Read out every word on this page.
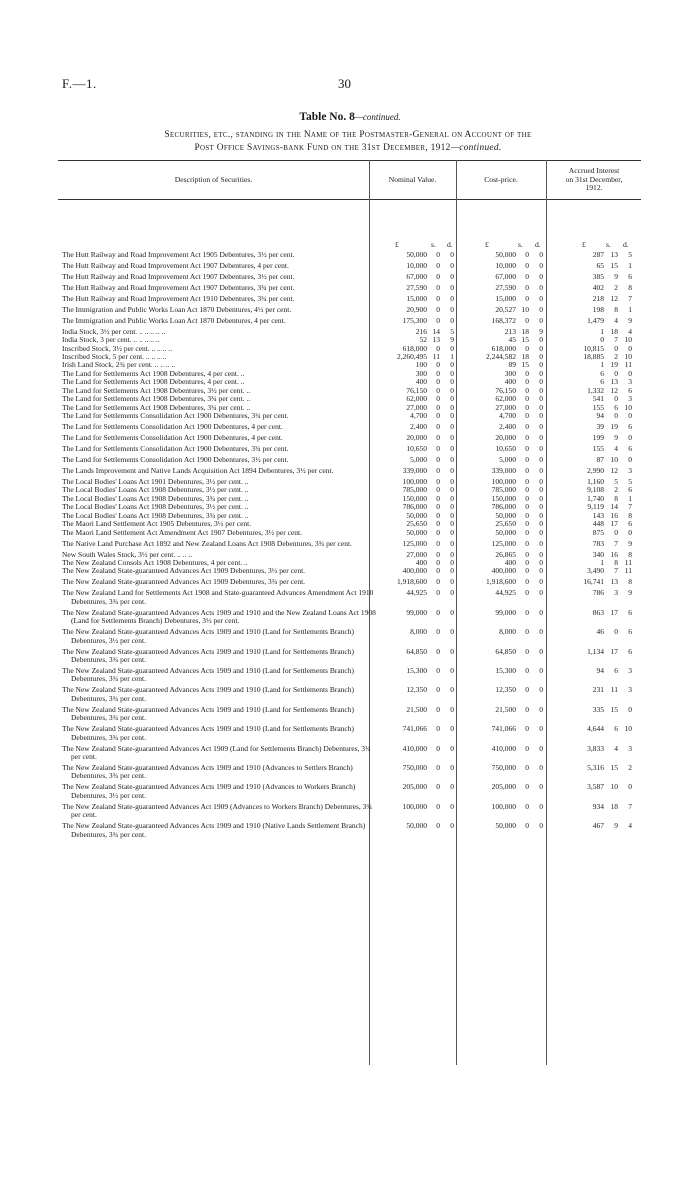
F.—1.	30
Table No. 8—continued.
Securities, etc., standing in the Name of the Postmaster-General on Account of the
Post Office Savings-bank Fund on the 31st December, 1912—continued.
Description of Securities.	Nominal Value.	Cost-price.
Accrued Interest
on 31st December,
1912.
£	s. d.	£	s. d.	£	s. d.
The Hutt Railway and Road Improvement Act 1905 Debentures, 3½ per cent.	50,000	0	0	50,000	0	0	287 13	5
The Hutt Railway and Road Improvement Act 1907 Debentures, 4 per cent.	10,000	0	0	10,000	0	0	65 15	1
The Hutt Railway and Road Improvement Act 1907 Debentures, 3½ per cent.	67,000	0	0	67,000	0	0	385	9	6
The Hutt Railway and Road Improvement Act 1907 Debentures, 3¾ per cent.	27,590	0	0	27,590	0	0	402	2	8
The Hutt Railway and Road Improvement Act 1910 Debentures, 3¾ per cent.	15,000	0	0	15,000	0	0	218 12	7
The Immigration and Public Works Loan Act 1870 Debentures, 4½ per cent.	20,900	0	0	20,527 10	0	198	8	1
The Immigration and Public Works Loan Act 1870 Debentures, 4 per cent.	175,300	0	0	168,372	0	0	1,479	4	9
India Stock, 3½ per cent. .. .. .. .. ..	216 14	5	213 18	9	1 18	4
India Stock, 3 per cent. .. .. .. .. ..	52 13	9	45 15	0	0	7 10
Inscribed Stock, 3½ per cent. .. .. .. ..	618,000	0	0	618,000	0	0	10,815	0	0
Inscribed Stock, 5 per cent. .. .. .. ..	2,260,495 11	1	2,244,582 18	0	18,885	2 10
Irish Land Stock, 2¾ per cent. .. .. .. ..	100	0	0	89 15	0	1 19 11
The Land for Settlements Act 1908 Debentures, 4 per cent. ..	300	0	0	300	0	0	6	0	0
The Land for Settlements Act 1908 Debentures, 4 per cent. ..	400	0	0	400	0	0	6 13	3
The Land for Settlements Act 1908 Debentures, 3½ per cent. ..	76,150	0	0	76,150	0	0	1,332 12	6
The Land for Settlements Act 1908 Debentures, 3¾ per cent. ..	62,000	0	0	62,000	0	0	541	0	3
The Land for Settlements Act 1908 Debentures, 3¾ per cent. ..	27,000	0	0	27,000	0	0	155	6 10
The Land for Settlements Consolidation Act 1900 Debentures, 3¾ per cent.	4,700	0	0	4,700	0	0	94	0	0
The Land for Settlements Consolidation Act 1900 Debentures, 4 per cent.	2,400	0	0	2,400	0	0	39 19	6
The Land for Settlements Consolidation Act 1900 Debentures, 4 per cent.	20,000	0	0	20,000	0	0	199	9	0
The Land for Settlements Consolidation Act 1900 Debentures, 3¾ per cent.	10,650	0	0	10,650	0	0	155	4	6
The Land for Settlements Consolidation Act 1900 Debentures, 3½ per cent.	5,000	0	0	5,000	0	0	87 10	0
The Lands Improvement and Native Lands Acquisition Act 1894 Debentures, 3½ per cent.	339,000	0	0	339,000	0	0	2,990 12	3
The Local Bodies' Loans Act 1901 Debentures, 3½ per cent. ..	100,000	0	0	100,000	0	0	1,160	5	5
The Local Bodies' Loans Act 1908 Debentures, 3½ per cent. ..	785,000	0	0	785,000	0	0	9,108	2	6
The Local Bodies' Loans Act 1908 Debentures, 3¾ per cent. ..	150,000	0	0	150,000	0	0	1,740	8	1
The Local Bodies' Loans Act 1908 Debentures, 3½ per cent. ..	786,000	0	0	786,000	0	0	9,119 14	7
The Local Bodies' Loans Act 1908 Debentures, 3¾ per cent. ..	50,000	0	0	50,000	0	0	143 16	8
The Maori Land Settlement Act 1905 Debentures, 3½ per cent.	25,650	0	0	25,650	0	0	448 17	6
The Maori Land Settlement Act Amendment Act 1907 Debentures, 3½ per cent.	50,000	0	0	50,000	0	0	875	0	0
The Native Land Purchase Act 1892 and New Zealand Loans Act 1908 Debentures, 3¾ per cent.	125,000	0	0	125,000	0	0	783	7	9
New South Wales Stock, 3½ per cent. .. .. ..	27,000	0	0	26,865	0	0	340 16	8
The New Zealand Consols Act 1908 Debentures, 4 per cent. ..	400	0	0	400	0	0	1	8 11
The New Zealand State-guaranteed Advances Act 1909 Debentures, 3½ per cent.	400,000	0	0	400,000	0	0	3,490	7 11
The New Zealand State-guaranteed Advances Act 1909 Debentures, 3¾ per cent.	1,918,600	0	0	1,918,600	0	0	16,741 13	8
The New Zealand Land for Settlements Act 1908 and State-guaranteed Advances Amendment Act 1910 Debentures, 3¾ per cent.
44,925	0	0	44,925	0	0	786	3	9
The New Zealand State-guaranteed Advances Acts 1909 and 1910 and the New Zealand Loans Act 1908 (Land for Settlements Branch) Debentures, 3½ per cent.
99,000	0	0	99,000	0	0	863 17	6
The New Zealand State-guaranteed Advances Acts 1909 and 1910 (Land for Settlements Branch) Debentures, 3½ per cent.
8,000	0	0	8,000	0	0	46	0	6
The New Zealand State-guaranteed Advances Acts 1909 and 1910 (Land for Settlements Branch) Debentures, 3¾ per cent.
64,850	0	0	64,850	0	0	1,134 17	6
The New Zealand State-guaranteed Advances Acts 1909 and 1910 (Land for Settlements Branch) Debentures, 3¾ per cent.
15,300	0	0	15,300	0	0	94	6	3
The New Zealand State-guaranteed Advances Acts 1909 and 1910 (Land for Settlements Branch) Debentures, 3¾ per cent.
12,350	0	0	12,350	0	0	231 11	3
The New Zealand State-guaranteed Advances Acts 1909 and 1910 (Land for Settlements Branch) Debentures, 3¾ per cent.
21,500	0	0	21,500	0	0	335 15	0
The New Zealand State-guaranteed Advances Acts 1909 and 1910 (Land for Settlements Branch) Debentures, 3¾ per cent.
741,066	0	0	741,066	0	0	4,644	6 10
The New Zealand State-guaranteed Advances Act 1909 (Land for Settlements Branch) Debentures, 3¾ per cent.
410,000	0	0	410,000	0	0	3,833	4	3
The New Zealand State-guaranteed Advances Acts 1909 and 1910 (Advances to Settlers Branch) Debentures, 3¾ per cent.
750,000	0	0	750,000	0	0	5,316 15	2
The New Zealand State-guaranteed Advances Acts 1909 and 1910 (Advances to Workers Branch) Debentures, 3½ per cent.
205,000	0	0	205,000	0	0	3,587 10	0
The New Zealand State-guaranteed Advances Act 1909 (Advances to Workers Branch) Debentures, 3¾ per cent.
100,000	0	0	100,000	0	0	934 18	7
The New Zealand State-guaranteed Advances Acts 1909 and 1910 (Native Lands Settlement Branch) Debentures, 3¾ per cent.
50,000	0	0	50,000	0	0	467	9	4
